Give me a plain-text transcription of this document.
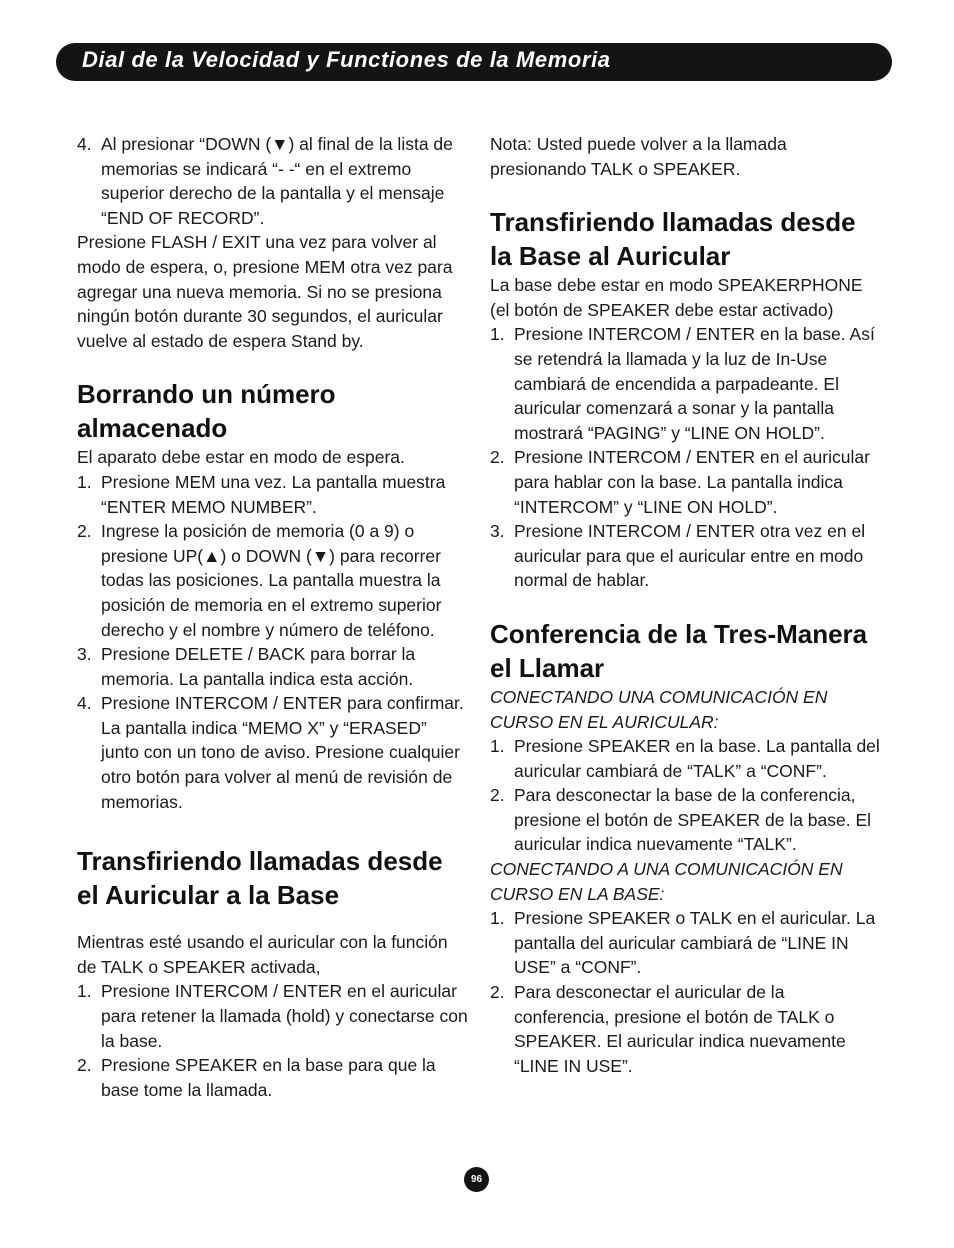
Dial de la Velocidad y Functiones de la Memoria
4. Al presionar “DOWN (▼) al final de la lista de memorias se indicará “- -“ en el extremo superior derecho de la pantalla y el mensaje “END OF RECORD”.

Presione FLASH / EXIT una vez para volver al modo de espera, o, presione MEM otra vez para agregar una nueva memoria. Si no se presiona ningún botón durante 30 segundos, el auricular vuelve al estado de espera Stand by.

Borrando un número almacenado

El aparato debe estar en modo de espera.

1. Presione MEM una vez. La pantalla muestra “ENTER MEMO NUMBER”.
2. Ingrese la posición de memoria (0 a 9) o presione UP(▲) o DOWN (▼) para recorrer todas las posiciones. La pantalla muestra la posición de memoria en el extremo superior derecho y el nombre y número de teléfono.
3. Presione DELETE / BACK para borrar la memoria. La pantalla indica esta acción.
4. Presione INTERCOM / ENTER para confirmar. La pantalla indica “MEMO X” y “ERASED” junto con un tono de aviso. Presione cualquier otro botón para volver al menú de revisión de memorias.
Transfiriendo llamadas desde el Auricular a la Base

Mientras esté usando el auricular con la función de TALK o SPEAKER activada,

1. Presione INTERCOM / ENTER en el auricular para retener la llamada (hold) y conectarse con la base.
2. Presione SPEAKER en la base para que la base tome la llamada.

Nota: Usted puede volver a la llamada presionando TALK o SPEAKER.

Transfiriendo llamadas desde la Base al Auricular

La base debe estar en modo SPEAKERPHONE (el botón de SPEAKER debe estar activado)

1. Presione INTERCOM / ENTER en la base. Así se retendrá la llamada y la luz de In-Use cambiará de encendida a parpadeante. El auricular comenzará a sonar y la pantalla mostrará “PAGING” y “LINE ON HOLD”.
2. Presione INTERCOM / ENTER en el auricular para hablar con la base. La pantalla indica “INTERCOM” y “LINE ON HOLD”.
3. Presione INTERCOM / ENTER otra vez en el auricular para que el auricular entre en modo normal de hablar.
Conferencia de la Tres-Manera el Llamar

CONECTANDO UNA COMUNICACIÓN EN CURSO EN EL AURICULAR:

1. Presione SPEAKER en la base. La pantalla del auricular cambiará de “TALK” a “CONF”.
2. Para desconectar la base de la conferencia, presione el botón de SPEAKER de la base. El auricular indica nuevamente “TALK”.

CONECTANDO A UNA COMUNICACIÓN EN CURSO EN LA BASE:

1. Presione SPEAKER o TALK en el auricular. La pantalla del auricular cambiará de “LINE IN USE” a “CONF”.
2. Para desconectar el auricular de la conferencia, presione el botón de TALK o SPEAKER. El auricular indica nuevamente “LINE IN USE”.
96
